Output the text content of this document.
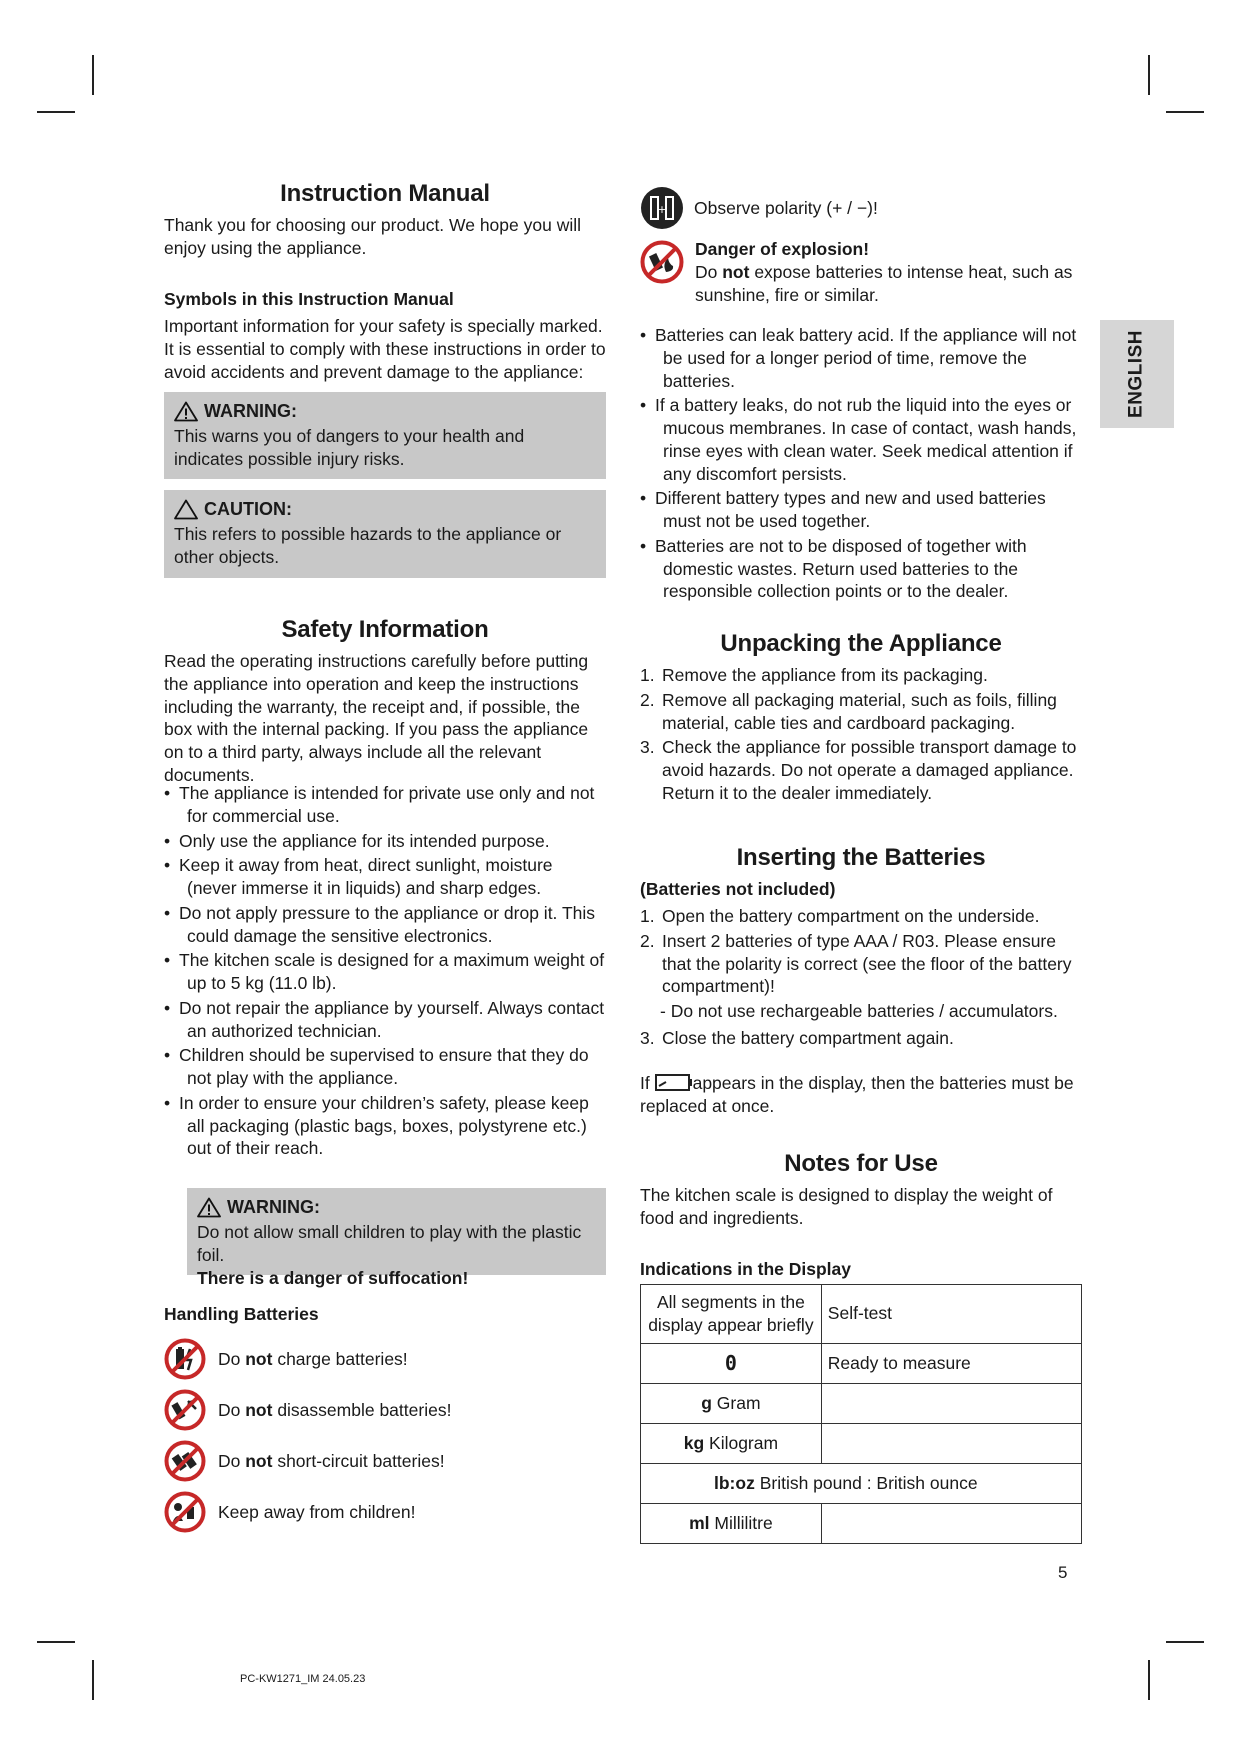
ENGLISH
Instruction Manual

Thank you for choosing our product. We hope you will enjoy using the appliance.

Symbols in this Instruction Manual

Important information for your safety is specially marked. It is essential to comply with these instructions in order to avoid accidents and prevent damage to the appliance:

WARNING:

This warns you of dangers to your health and indicates possible injury risks.

CAUTION:

This refers to possible hazards to the appliance or other objects.

Safety Information

Read the operating instructions carefully before putting the appliance into operation and keep the instructions including the warranty, the receipt and, if possible, the box with the internal packing. If you pass the appliance on to a third party, always include all the relevant documents.

• The appliance is intended for private use only and not for commercial use.
• Only use the appliance for its intended purpose.
• Keep it away from heat, direct sunlight, moisture (never immerse it in liquids) and sharp edges.
• Do not apply pressure to the appliance or drop it. This could damage the sensitive electronics.
• The kitchen scale is designed for a maximum weight of up to 5 kg (11.0 lb).
• Do not repair the appliance by yourself. Always contact an authorized technician.
• Children should be supervised to ensure that they do not play with the appliance.
• In order to ensure your children’s safety, please keep all packaging (plastic bags, boxes, polystyrene etc.) out of their reach.
WARNING:

Do not allow small children to play with the plastic foil.

There is a danger of suffocation!

Handling Batteries
Do not charge batteries!
Do not disassemble batteries!
Do not short-circuit batteries!
Keep away from children!
+ Observe polarity (+ / −)!
Danger of explosion!

Do not expose batteries to intense heat, such as sunshine, fire or similar.

• Batteries can leak battery acid. If the appliance will not be used for a longer period of time, remove the batteries.
• If a battery leaks, do not rub the liquid into the eyes or mucous membranes. In case of contact, wash hands, rinse eyes with clean water. Seek medical attention if any discomfort persists.
• Different battery types and new and used batteries must not be used together.
• Batteries are not to be disposed of together with domestic wastes. Return used batteries to the responsible collection points or to the dealer.
Unpacking the Appliance
1. Remove the appliance from its packaging.
2. Remove all packaging material, such as foils, filling material, cable ties and cardboard packaging.
3. Check the appliance for possible transport damage to avoid hazards. Do not operate a damaged appliance. Return it to the dealer immediately.
Inserting the Batteries
(Batteries not included)
1. Open the battery compartment on the underside.
2. Insert 2 batteries of type AAA / R03. Please ensure that the polarity is correct (see the floor of the battery compartment)!
- Do not use rechargeable batteries / accumulators.
3. Close the battery compartment again.

If appears in the display, then the batteries must be replaced at once.

Notes for Use

The kitchen scale is designed to display the weight of food and ingredients.

Indications in the Display
All segments in the display appear briefly	Self-test
0	Ready to measure
g Gram	
kg Kilogram	
lb:oz British pound : British ounce	
ml Millilitre	
5
PC-KW1271_IM 24.05.23
